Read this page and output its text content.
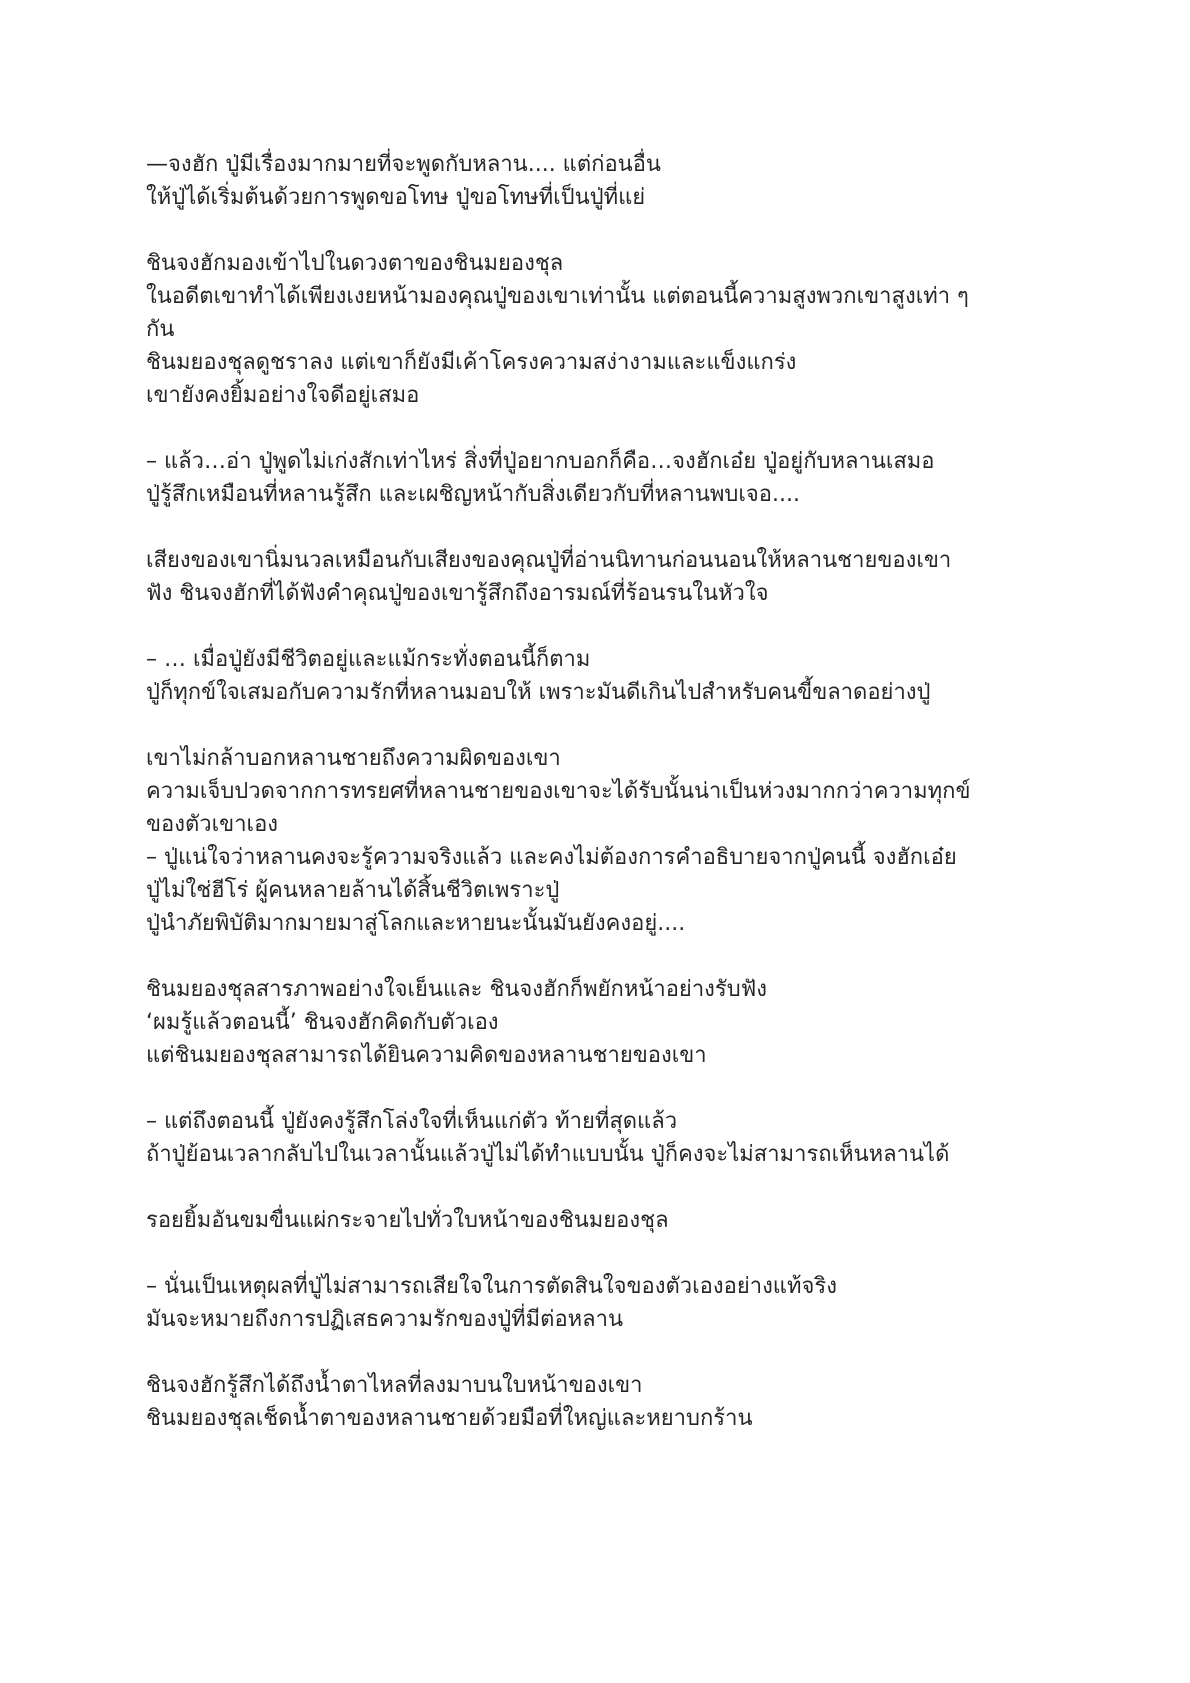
—จงฮัก ปู่มีเรื่องมากมายที่จะพูดกับหลาน.... แต่ก่อนอื่น
ให้ปู่ได้เริ่มต้นด้วยการพูดขอโทษ ปู่ขอโทษที่เป็นปู่ที่แย่

ชินจงฮักมองเข้าไปในดวงตาของชินมยองชุล
ในอดีตเขาทำได้เพียงเงยหน้ามองคุณปู่ของเขาเท่านั้น แต่ตอนนี้ความสูงพวกเขาสูงเท่า ๆ
กัน
ชินมยองชุลดูชราลง แต่เขาก็ยังมีเค้าโครงความสง่างามและแข็งแกร่ง
เขายังคงยิ้มอย่างใจดีอยู่เสมอ

– แล้ว…อ่า ปู่พูดไม่เก่งสักเท่าไหร่ สิ่งที่ปู่อยากบอกก็คือ…จงฮักเอ๋ย ปู่อยู่กับหลานเสมอ
ปู่รู้สึกเหมือนที่หลานรู้สึก และเผชิญหน้ากับสิ่งเดียวกับที่หลานพบเจอ....

เสียงของเขานิ่มนวลเหมือนกับเสียงของคุณปู่ที่อ่านนิทานก่อนนอนให้หลานชายของเขา
ฟัง ชินจงฮักที่ได้ฟังคำคุณปู่ของเขารู้สึกถึงอารมณ์ที่ร้อนรนในหัวใจ

– … เมื่อปู่ยังมีชีวิตอยู่และแม้กระทั่งตอนนี้ก็ตาม
ปู่ก็ทุกข์ใจเสมอกับความรักที่หลานมอบให้ เพราะมันดีเกินไปสำหรับคนขี้ขลาดอย่างปู่

เขาไม่กล้าบอกหลานชายถึงความผิดของเขา
ความเจ็บปวดจากการทรยศที่หลานชายของเขาจะได้รับนั้นน่าเป็นห่วงมากกว่าความทุกข์
ของตัวเขาเอง
– ปู่แน่ใจว่าหลานคงจะรู้ความจริงแล้ว และคงไม่ต้องการคำอธิบายจากปู่คนนี้ จงฮักเอ๋ย
ปู่ไม่ใช่ฮีโร่ ผู้คนหลายล้านได้สิ้นชีวิตเพราะปู่
ปู่นำภัยพิบัติมากมายมาสู่โลกและหายนะนั้นมันยังคงอยู่....

ชินมยองชุลสารภาพอย่างใจเย็นและ ชินจงฮักก็พยักหน้าอย่างรับฟัง
‘ผมรู้แล้วตอนนี้’ ชินจงฮักคิดกับตัวเอง
แต่ชินมยองชุลสามารถได้ยินความคิดของหลานชายของเขา

– แต่ถึงตอนนี้ ปู่ยังคงรู้สึกโล่งใจที่เห็นแก่ตัว ท้ายที่สุดแล้ว
ถ้าปู่ย้อนเวลากลับไปในเวลานั้นแล้วปู่ไม่ได้ทำแบบนั้น ปู่ก็คงจะไม่สามารถเห็นหลานได้

รอยยิ้มอันขมขื่นแผ่กระจายไปทั่วใบหน้าของชินมยองชุล

– นั่นเป็นเหตุผลที่ปู่ไม่สามารถเสียใจในการตัดสินใจของตัวเองอย่างแท้จริง
มันจะหมายถึงการปฏิเสธความรักของปู่ที่มีต่อหลาน

ชินจงฮักรู้สึกได้ถึงน้ำตาไหลที่ลงมาบนใบหน้าของเขา
ชินมยองชุลเช็ดน้ำตาของหลานชายด้วยมือที่ใหญ่และหยาบกร้าน
